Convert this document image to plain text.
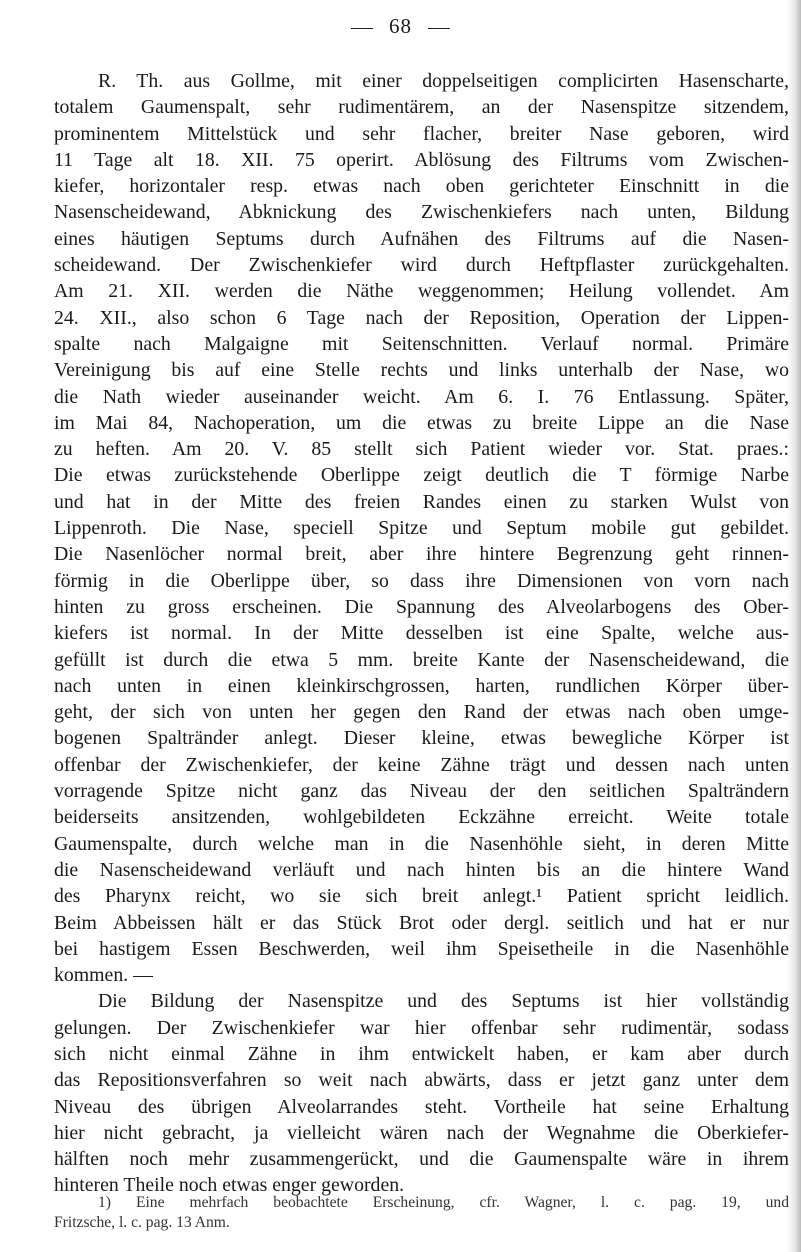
68
R. Th. aus Gollme, mit einer doppelseitigen complicirten Hasenscharte,
totalem Gaumenspalt, sehr rudimentärem, an der Nasenspitze sitzendem,
prominentem Mittelstück und sehr flacher, breiter Nase geboren, wird
11 Tage alt 18. XII. 75 operirt. Ablösung des Filtrums vom Zwischen-
kiefer, horizontaler resp. etwas nach oben gerichteter Einschnitt in die
Nasenscheidewand, Abknickung des Zwischenkiefers nach unten, Bildung
eines häutigen Septums durch Aufnähen des Filtrums auf die Nasen-
scheidewand. Der Zwischenkiefer wird durch Heftpflaster zurückgehalten.
Am 21. XII. werden die Näthe weggenommen; Heilung vollendet. Am
24. XII., also schon 6 Tage nach der Reposition, Operation der Lippen-
spalte nach Malgaigne mit Seitenschnitten. Verlauf normal. Primäre
Vereinigung bis auf eine Stelle rechts und links unterhalb der Nase, wo
die Nath wieder auseinander weicht. Am 6. I. 76 Entlassung. Später,
im Mai 84, Nachoperation, um die etwas zu breite Lippe an die Nase
zu heften. Am 20. V. 85 stellt sich Patient wieder vor. Stat. praes.:
Die etwas zurückstehende Oberlippe zeigt deutlich die T förmige Narbe
und hat in der Mitte des freien Randes einen zu starken Wulst von
Lippenroth. Die Nase, speciell Spitze und Septum mobile gut gebildet.
Die Nasenlöcher normal breit, aber ihre hintere Begrenzung geht rinnen-
förmig in die Oberlippe über, so dass ihre Dimensionen von vorn nach
hinten zu gross erscheinen. Die Spannung des Alveolarbogens des Ober-
kiefers ist normal. In der Mitte desselben ist eine Spalte, welche aus-
gefüllt ist durch die etwa 5 mm. breite Kante der Nasenscheidewand, die
nach unten in einen kleinkirschgrossen, harten, rundlichen Körper über-
geht, der sich von unten her gegen den Rand der etwas nach oben umge-
bogenen Spaltränder anlegt. Dieser kleine, etwas bewegliche Körper ist
offenbar der Zwischenkiefer, der keine Zähne trägt und dessen nach unten
vorragende Spitze nicht ganz das Niveau der den seitlichen Spalträndern
beiderseits ansitzenden, wohlgebildeten Eckzähne erreicht. Weite totale
Gaumenspalte, durch welche man in die Nasenhöhle sieht, in deren Mitte
die Nasenscheidewand verläuft und nach hinten bis an die hintere Wand
des Pharynx reicht, wo sie sich breit anlegt.¹ Patient spricht leidlich.
Beim Abbeissen hält er das Stück Brot oder dergl. seitlich und hat er nur
bei hastigem Essen Beschwerden, weil ihm Speisetheile in die Nasenhöhle
kommen. —
Die Bildung der Nasenspitze und des Septums ist hier vollständig
gelungen. Der Zwischenkiefer war hier offenbar sehr rudimentär, sodass
sich nicht einmal Zähne in ihm entwickelt haben, er kam aber durch
das Repositionsverfahren so weit nach abwärts, dass er jetzt ganz unter dem
Niveau des übrigen Alveolarrandes steht. Vortheile hat seine Erhaltung
hier nicht gebracht, ja vielleicht wären nach der Wegnahme die Oberkiefer-
hälften noch mehr zusammengerückt, und die Gaumenspalte wäre in ihrem
hinteren Theile noch etwas enger geworden.
1) Eine mehrfach beobachtete Erscheinung, cfr. Wagner, l. c. pag. 19, und
Fritzsche, l. c. pag. 13 Anm.
